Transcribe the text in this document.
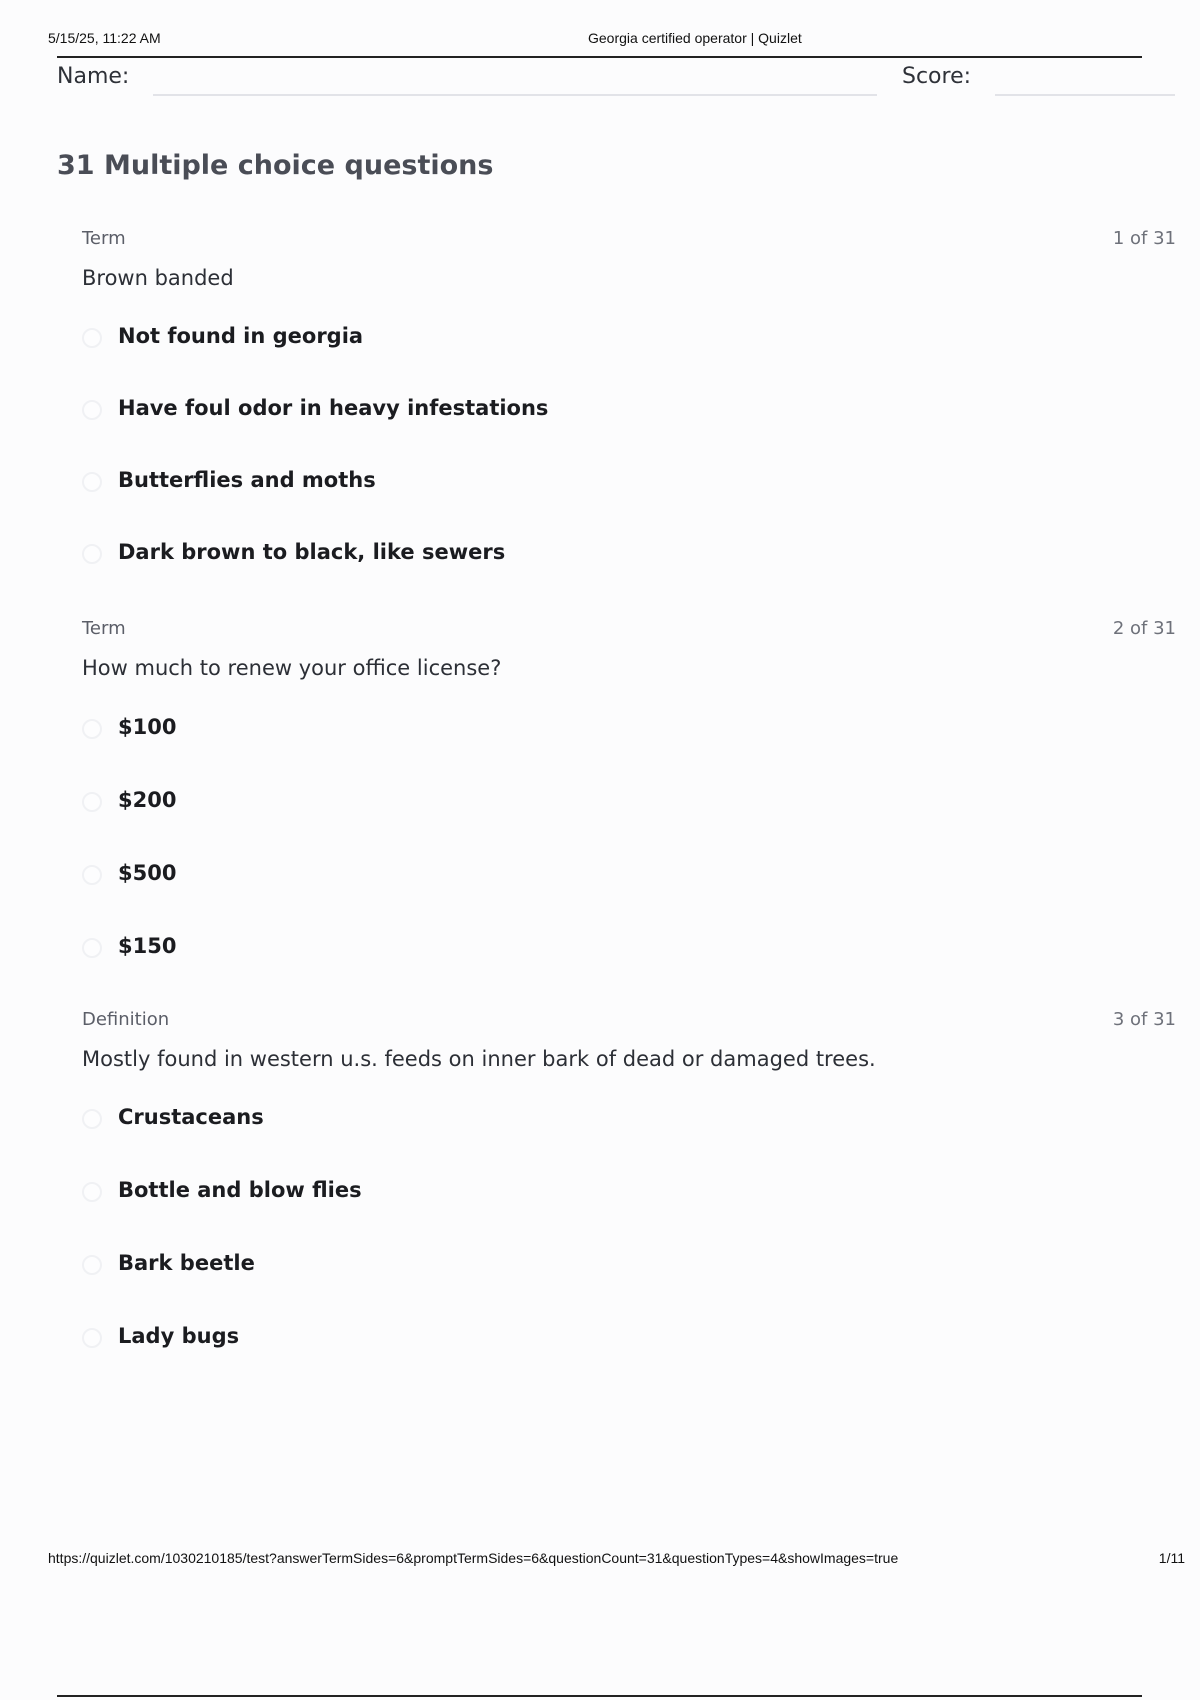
5/15/25, 11:22 AM	Georgia certified operator | Quizlet
Name:	Score:
31 Multiple choice questions
Term	1 of 31
Brown banded
Not found in georgia
Have foul odor in heavy infestations
Butterflies and moths
Dark brown to black, like sewers
Term	2 of 31
How much to renew your office license?
$100
$200
$500
$150
Definition	3 of 31
Mostly found in western u.s. feeds on inner bark of dead or damaged trees.
Crustaceans
Bottle and blow flies
Bark beetle
Lady bugs
https://quizlet.com/1030210185/test?answerTermSides=6&promptTermSides=6&questionCount=31&questionTypes=4&showImages=true	1/11
